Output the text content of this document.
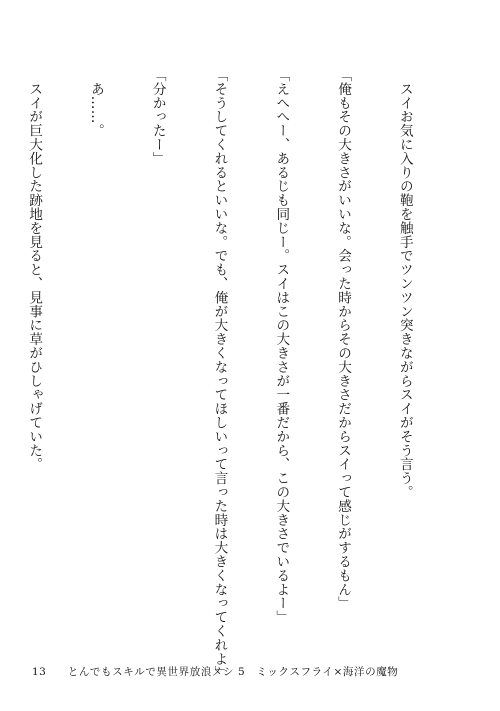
　スイお気に入りの鞄を触手でツンツン突きながらスイがそう言う。

「俺もその大きさがいいな。会った時からその大きさだからスイって感じがするもん」

「えへへー、あるじも同じー。スイはこの大きさが一番だから、この大きさでいるよー」

「そうしてくれるといいな。でも、俺が大きくなってほしいって言った時は大きくなってくれよ」

「分かったー」

　あ……。

　スイが巨大化した跡地を見ると、見事に草がひしゃげていた。

13 とんでもスキルで異世界放浪メシ 5　ミックスフライ×海洋の魔物
